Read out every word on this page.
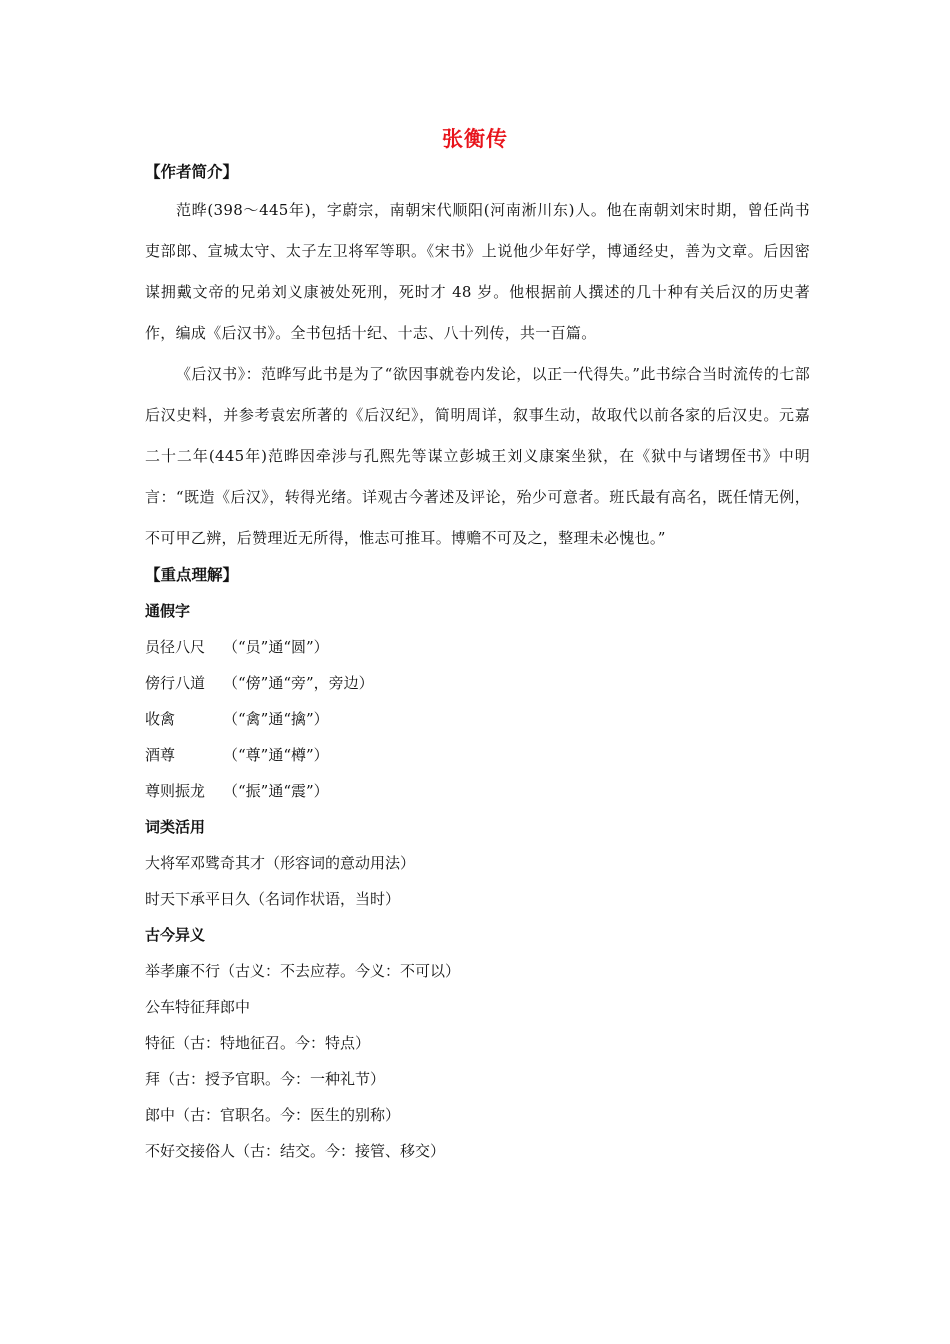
张衡传
【作者简介】

范晔(398～445年)，字蔚宗，南朝宋代顺阳(河南淅川东)人。他在南朝刘宋时期，曾任尚书吏部郎、宣城太守、太子左卫将军等职。《宋书》上说他少年好学，博通经史，善为文章。后因密谋拥戴文帝的兄弟刘义康被处死刑，死时才 48 岁。他根据前人撰述的几十种有关后汉的历史著作，编成《后汉书》。全书包括十纪、十志、八十列传，共一百篇。

《后汉书》：范晔写此书是为了“欲因事就卷内发论，以正一代得失。”此书综合当时流传的七部后汉史料，并参考袁宏所著的《后汉纪》，简明周详，叙事生动，故取代以前各家的后汉史。元嘉二十二年(445年)范晔因牵涉与孔熙先等谋立彭城王刘义康案坐狱，在《狱中与诸甥侄书》中明言：“既造《后汉》，转得光绪。详观古今著述及评论，殆少可意者。班氏最有高名，既任情无例，不可甲乙辨，后赞理近无所得，惟志可推耳。博赡不可及之，整理未必愧也。”

【重点理解】
通假字
员径八尺 （“员”通“圆”）
傍行八道 （“傍”通“旁”，旁边）
收禽	（“禽”通“擒”）
酒尊	（“尊”通“樽”）
尊则振龙 （“振”通“震”）
词类活用
大将军邓骘奇其才（形容词的意动用法）
时天下承平日久（名词作状语，当时）
古今异义
举孝廉不行（古义：不去应荐。今义：不可以）
公车特征拜郎中
特征（古：特地征召。今：特点）
拜（古：授予官职。今：一种礼节）
郎中（古：官职名。今：医生的别称）
不好交接俗人（古：结交。今：接管、移交）
